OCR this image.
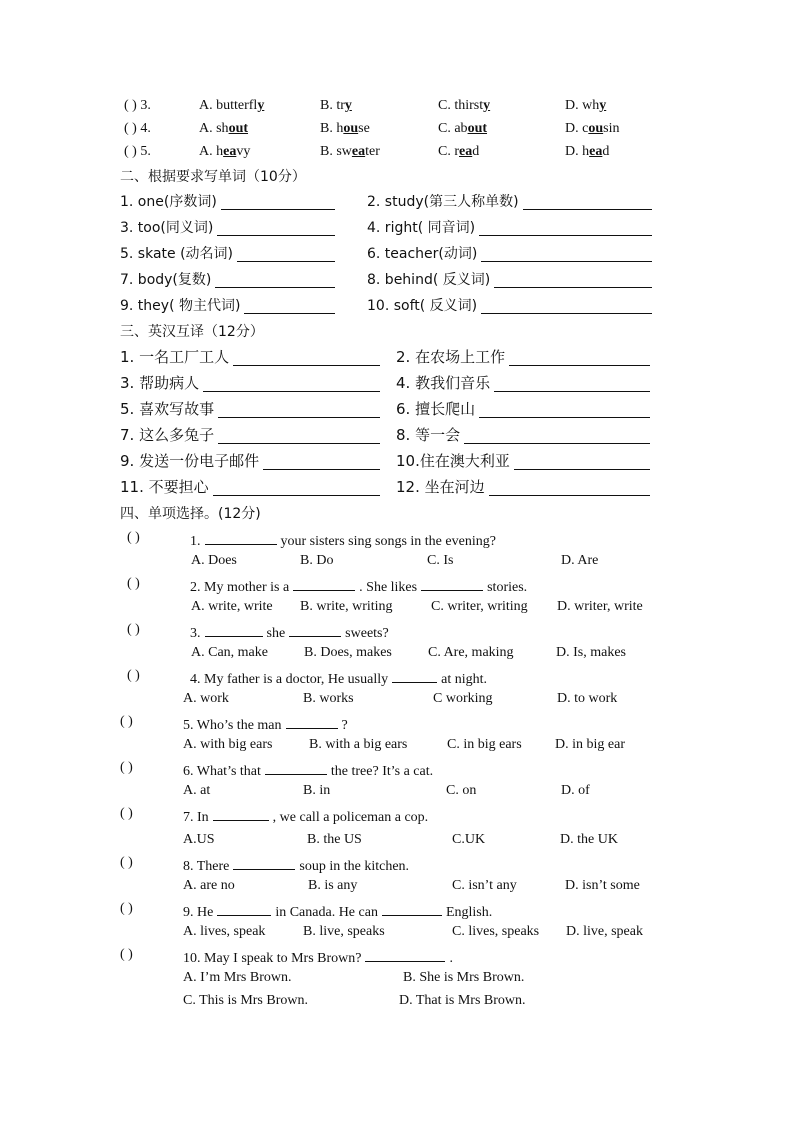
( ) 3.	A. butterfly	B. try	C. thirsty	D. why
( ) 4.	A. shout	B. house	C. about	D. cousin
( ) 5.	A. heavy	B. sweater	C. read	D. head
二、根据要求写单词（10分）
1. one(序数词)	2. study(第三人称单数)
3. too(同义词)	4. right( 同音词)
5. skate (动名词)	6. teacher(动词)
7. body(复数)	8. behind( 反义词)
9. they( 物主代词)	10. soft( 反义词)
三、英汉互译（12分）
1. 一名工厂工人	2. 在农场上工作
3. 帮助病人	4. 教我们音乐
5. 喜欢写故事	6. 擅长爬山
7. 这么多兔子	8. 等一会
9. 发送一份电子邮件	10.住在澳大利亚
11. 不要担心	12. 坐在河边
四、单项选择。(12分)
( )	1.	your sisters sing songs in the evening?
A. Does	B. Do	C. Is	D. Are
( )	2. My mother is a	. She likes	stories.
A. write, write B. write, writing	C. writer, writing D. writer, write
( )	3.	she	sweets?
A. Can, make	B. Does, makes	C. Are, making	D. Is, makes
( )	4. My father is a doctor, He usually	at night.
A. work	B. works	C working	D. to work
( )	5. Who’s the man	?
A. with big ears	B. with a big ears	C. in big ears D. in big ear
( )	6. What’s that	the tree? It’s a cat.
A. at	B. in	C. on	D. of
( )	7. In	, we call a policeman a cop.
A.US	B. the US	C.UK	D. the UK
( )	8. There	soup in the kitchen.
A. are no	B. is any	C. isn’t any	D. isn’t some
( )	9. He	in Canada. He can	English.
A. lives, speak	B. live, speaks	C. lives, speaks D. live, speak
( )	10. May I speak to Mrs Brown?	.
A. I’m Mrs Brown.	B. She is Mrs Brown.
C. This is Mrs Brown.	D. That is Mrs Brown.
